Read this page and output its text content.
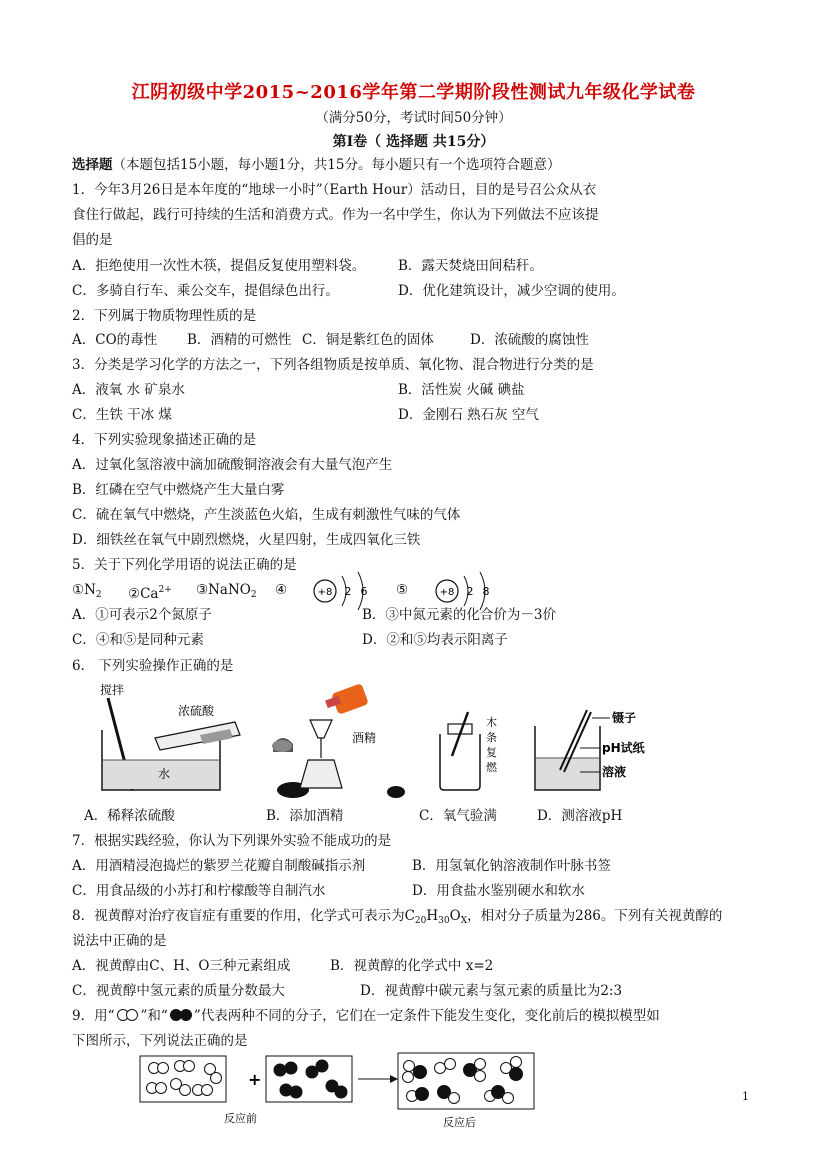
江阴初级中学2015~2016学年第二学期阶段性测试九年级化学试卷
（满分50分，考试时间50分钟）
第Ⅰ卷（ 选择题 共15分）
选择题（本题包括15小题，每小题1分，共15分。每小题只有一个选项符合题意）
1．今年3月26日是本年度的“地球一小时”（Earth Hour）活动日，目的是号召公众从衣
食住行做起，践行可持续的生活和消费方式。作为一名中学生，你认为下列做法不应该提
倡的是
A．拒绝使用一次性木筷，提倡反复使用塑料袋。 B．露天焚烧田间秸秆。
C．多骑自行车、乘公交车，提倡绿色出行。	D．优化建筑设计，减少空调的使用。
2．下列属于物质物理性质的是
A．CO的毒性 B．酒精的可燃性 C．铜是紫红色的固体	D．浓硫酸的腐蚀性
3．分类是学习化学的方法之一，下列各组物质是按单质、氧化物、混合物进行分类的是
A．液氧 水 矿泉水	B．活性炭 火碱 碘盐
C．生铁 干冰 煤	D．金刚石 熟石灰 空气
4．下列实验现象描述正确的是
A．过氧化氢溶液中滴加硫酸铜溶液会有大量气泡产生
B．红磷在空气中燃烧产生大量白雾
C．硫在氧气中燃烧，产生淡蓝色火焰，生成有刺激性气味的气体
D．细铁丝在氧气中剧烈燃烧，火星四射，生成四氧化三铁
5．关于下列化学用语的说法正确的是
$①N_2$ $②Ca^{2+}$ ③NaNO$_2$ ④	⑤
+8 2 6	+8 2 8
A．①可表示2个氮原子	B．③中氮元素的化合价为－3价
C．④和⑤是同种元素	D．②和⑤均表示阳离子
6． 下列实验操作正确的是
搅拌
水
浓硫酸
酒精
木
条
复
燃
镊子
pH试纸
溶液
A．稀释浓硫酸	B．添加酒精	C．氧气验满	D．测溶液pH
7．根据实践经验，你认为下列课外实验不能成功的是
A．用酒精浸泡捣烂的紫罗兰花瓣自制酸碱指示剂	B．用氢氧化钠溶液制作叶脉书签
C．用食品级的小苏打和柠檬酸等自制汽水	D．用食盐水鉴别硬水和软水
8．视黄醇对治疗夜盲症有重要的作用，化学式可表示为$C_{20}H_{30}O_X$，相对分子质量为286。下列有关视黄醇的
说法中正确的是
A．视黄醇由C、H、O三种元素组成	B．视黄醇的化学式中 x=2
C．视黄醇中氢元素的质量分数最大	D．视黄醇中碳元素与氢元素的质量比为2:3
9．用“ ”和“ ”代表两种不同的分子，它们在一定条件下能发生变化，变化前后的模拟模型如
下图所示，下列说法正确的是
+
反应前	反应后
1
